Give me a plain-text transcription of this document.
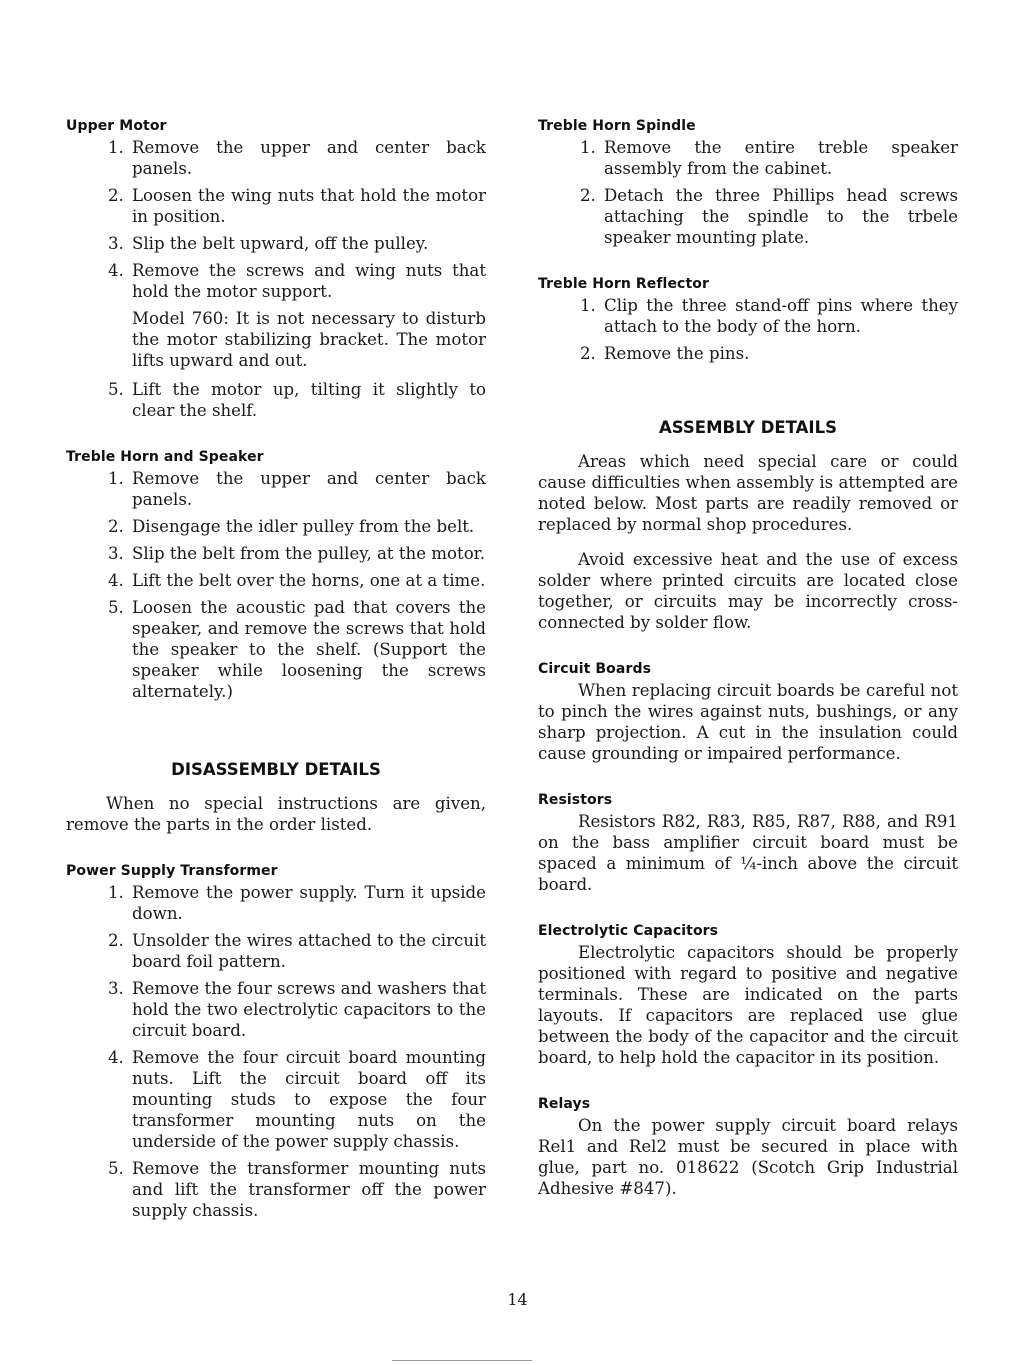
Upper Motor
1. Remove the upper and center back panels.
2. Loosen the wing nuts that hold the motor in position.
3. Slip the belt upward, off the pulley.
4. Remove the screws and wing nuts that hold the motor support.
Model 760: It is not necessary to disturb the motor stabilizing bracket. The motor lifts upward and out.
5. Lift the motor up, tilting it slightly to clear the shelf.
Treble Horn and Speaker
1. Remove the upper and center back panels.
2. Disengage the idler pulley from the belt.
3. Slip the belt from the pulley, at the motor.
4. Lift the belt over the horns, one at a time.
5. Loosen the acoustic pad that covers the speaker, and remove the screws that hold the speaker to the shelf. (Support the speaker while loosening the screws alternately.)
DISASSEMBLY DETAILS

When no special instructions are given, remove the parts in the order listed.

Power Supply Transformer
1. Remove the power supply. Turn it upside down.
2. Unsolder the wires attached to the circuit board foil pattern.
3. Remove the four screws and washers that hold the two electrolytic capacitors to the circuit board.
4. Remove the four circuit board mounting nuts. Lift the circuit board off its mounting studs to expose the four transformer mounting nuts on the underside of the power supply chassis.
5. Remove the transformer mounting nuts and lift the transformer off the power supply chassis.
Treble Horn Spindle
1. Remove the entire treble speaker assembly from the cabinet.
2. Detach the three Phillips head screws attaching the spindle to the trbele speaker mounting plate.
Treble Horn Reflector
1. Clip the three stand-off pins where they attach to the body of the horn.
2. Remove the pins.
ASSEMBLY DETAILS

Areas which need special care or could cause difficulties when assembly is attempted are noted below. Most parts are readily removed or replaced by normal shop procedures.

Avoid excessive heat and the use of excess solder where printed circuits are located close together, or circuits may be incorrectly cross-connected by solder flow.

Circuit Boards

When replacing circuit boards be careful not to pinch the wires against nuts, bushings, or any sharp projection. A cut in the insulation could cause grounding or impaired performance.

Resistors

Resistors R82, R83, R85, R87, R88, and R91 on the bass amplifier circuit board must be spaced a minimum of ¼-inch above the circuit board.

Electrolytic Capacitors

Electrolytic capacitors should be properly positioned with regard to positive and negative terminals. These are indicated on the parts layouts. If capacitors are replaced use glue between the body of the capacitor and the circuit board, to help hold the capacitor in its position.

Relays

On the power supply circuit board relays Rel1 and Rel2 must be secured in place with glue, part no. 018622 (Scotch Grip Industrial Adhesive #847).

14
